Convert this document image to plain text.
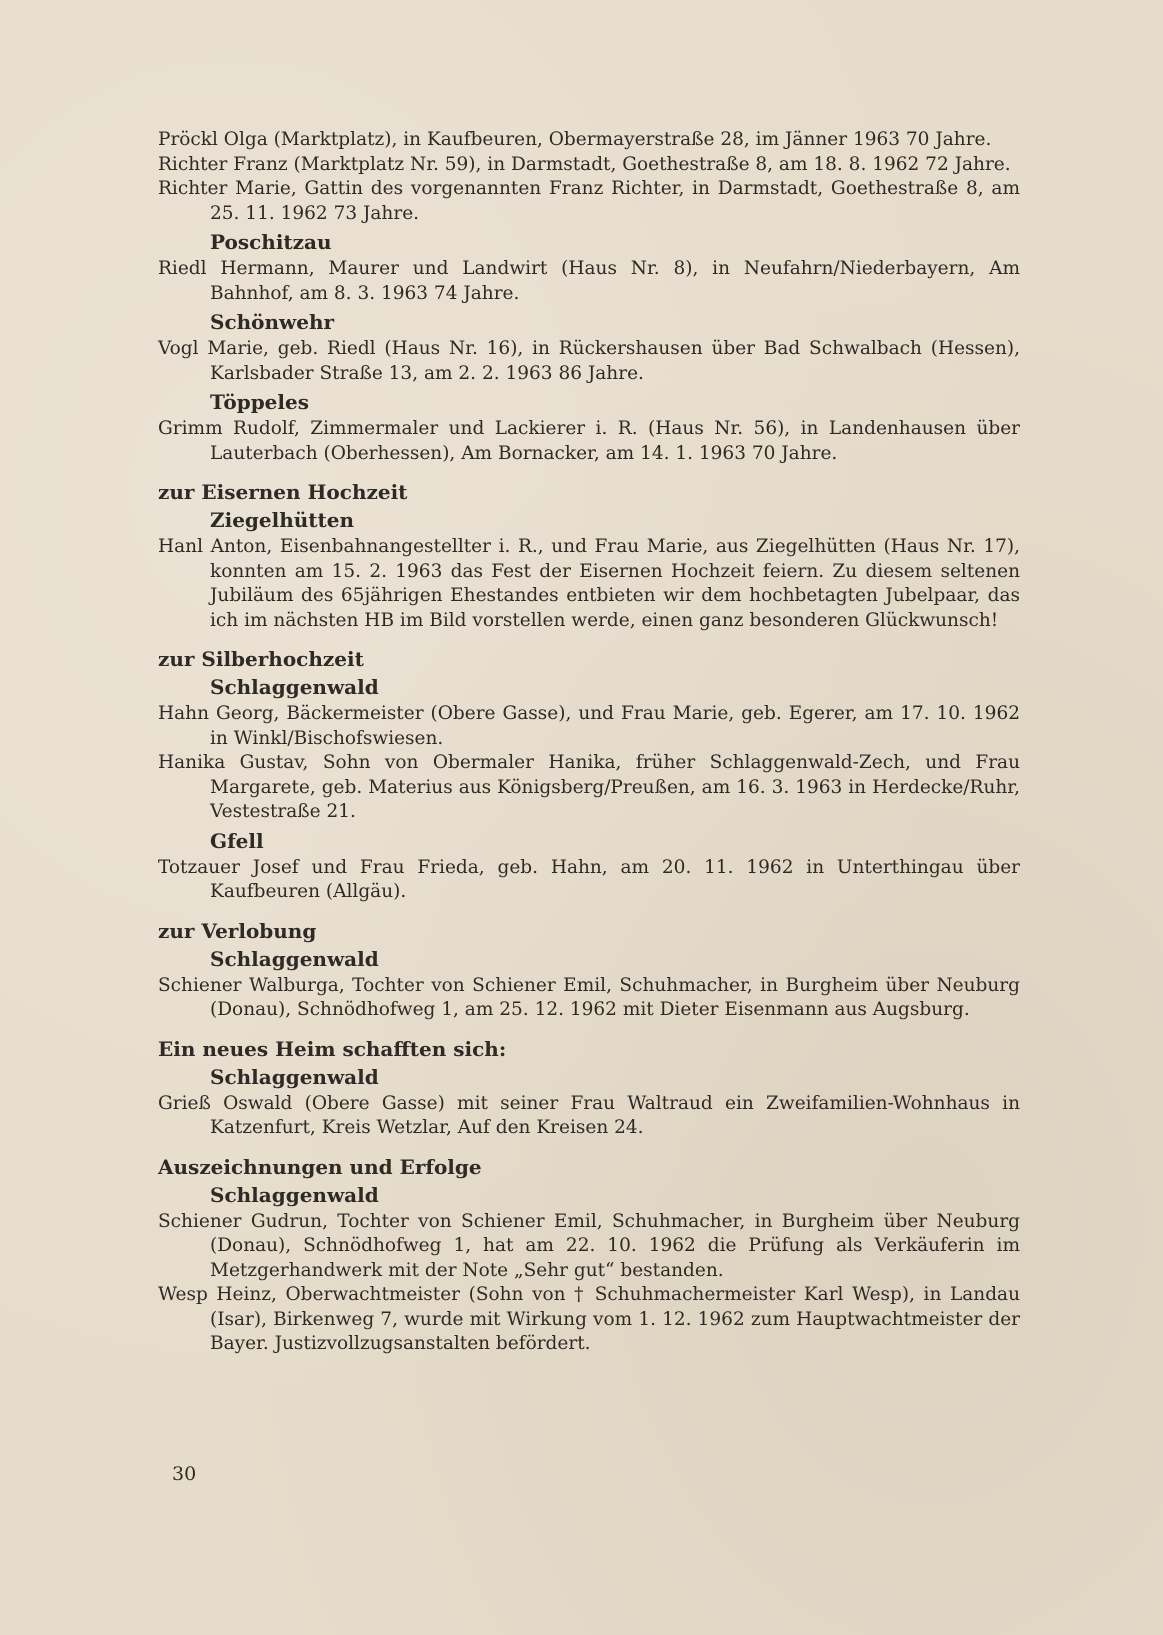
Pröckl Olga (Marktplatz), in Kaufbeuren, Obermayerstraße 28, im Jänner 1963 70 Jahre.

Richter Franz (Marktplatz Nr. 59), in Darmstadt, Goethestraße 8, am 18. 8. 1962 72 Jahre.

Richter Marie, Gattin des vorgenannten Franz Richter, in Darmstadt, Goethestraße 8, am 25. 11. 1962 73 Jahre.

Poschitzau

Riedl Hermann, Maurer und Landwirt (Haus Nr. 8), in Neufahrn/Niederbayern, Am Bahnhof, am 8. 3. 1963 74 Jahre.

Schönwehr

Vogl Marie, geb. Riedl (Haus Nr. 16), in Rückershausen über Bad Schwalbach (Hessen), Karlsbader Straße 13, am 2. 2. 1963 86 Jahre.

Töppeles

Grimm Rudolf, Zimmermaler und Lackierer i. R. (Haus Nr. 56), in Landenhausen über Lauterbach (Oberhessen), Am Bornacker, am 14. 1. 1963 70 Jahre.

zur Eisernen Hochzeit
Ziegelhütten

Hanl Anton, Eisenbahnangestellter i. R., und Frau Marie, aus Ziegelhütten (Haus Nr. 17), konnten am 15. 2. 1963 das Fest der Eisernen Hochzeit feiern. Zu diesem seltenen Jubiläum des 65jährigen Ehestandes entbieten wir dem hochbetagten Jubelpaar, das ich im nächsten HB im Bild vorstellen werde, einen ganz besonderen Glückwunsch!

zur Silberhochzeit
Schlaggenwald

Hahn Georg, Bäckermeister (Obere Gasse), und Frau Marie, geb. Egerer, am 17. 10. 1962 in Winkl/Bischofswiesen.

Hanika Gustav, Sohn von Obermaler Hanika, früher Schlaggenwald-Zech, und Frau Margarete, geb. Materius aus Königsberg/Preußen, am 16. 3. 1963 in Herdecke/Ruhr, Vestestraße 21.

Gfell

Totzauer Josef und Frau Frieda, geb. Hahn, am 20. 11. 1962 in Unterthingau über Kaufbeuren (Allgäu).

zur Verlobung
Schlaggenwald

Schiener Walburga, Tochter von Schiener Emil, Schuhmacher, in Burgheim über Neuburg (Donau), Schnödhofweg 1, am 25. 12. 1962 mit Dieter Eisenmann aus Augsburg.

Ein neues Heim schafften sich:
Schlaggenwald

Grieß Oswald (Obere Gasse) mit seiner Frau Waltraud ein Zweifamilien-Wohnhaus in Katzenfurt, Kreis Wetzlar, Auf den Kreisen 24.

Auszeichnungen und Erfolge
Schlaggenwald

Schiener Gudrun, Tochter von Schiener Emil, Schuhmacher, in Burgheim über Neuburg (Donau), Schnödhofweg 1, hat am 22. 10. 1962 die Prüfung als Verkäuferin im Metzgerhandwerk mit der Note „Sehr gut“ bestanden.

Wesp Heinz, Oberwachtmeister (Sohn von † Schuhmachermeister Karl Wesp), in Landau (Isar), Birkenweg 7, wurde mit Wirkung vom 1. 12. 1962 zum Hauptwachtmeister der Bayer. Justizvollzugsanstalten befördert.

30
